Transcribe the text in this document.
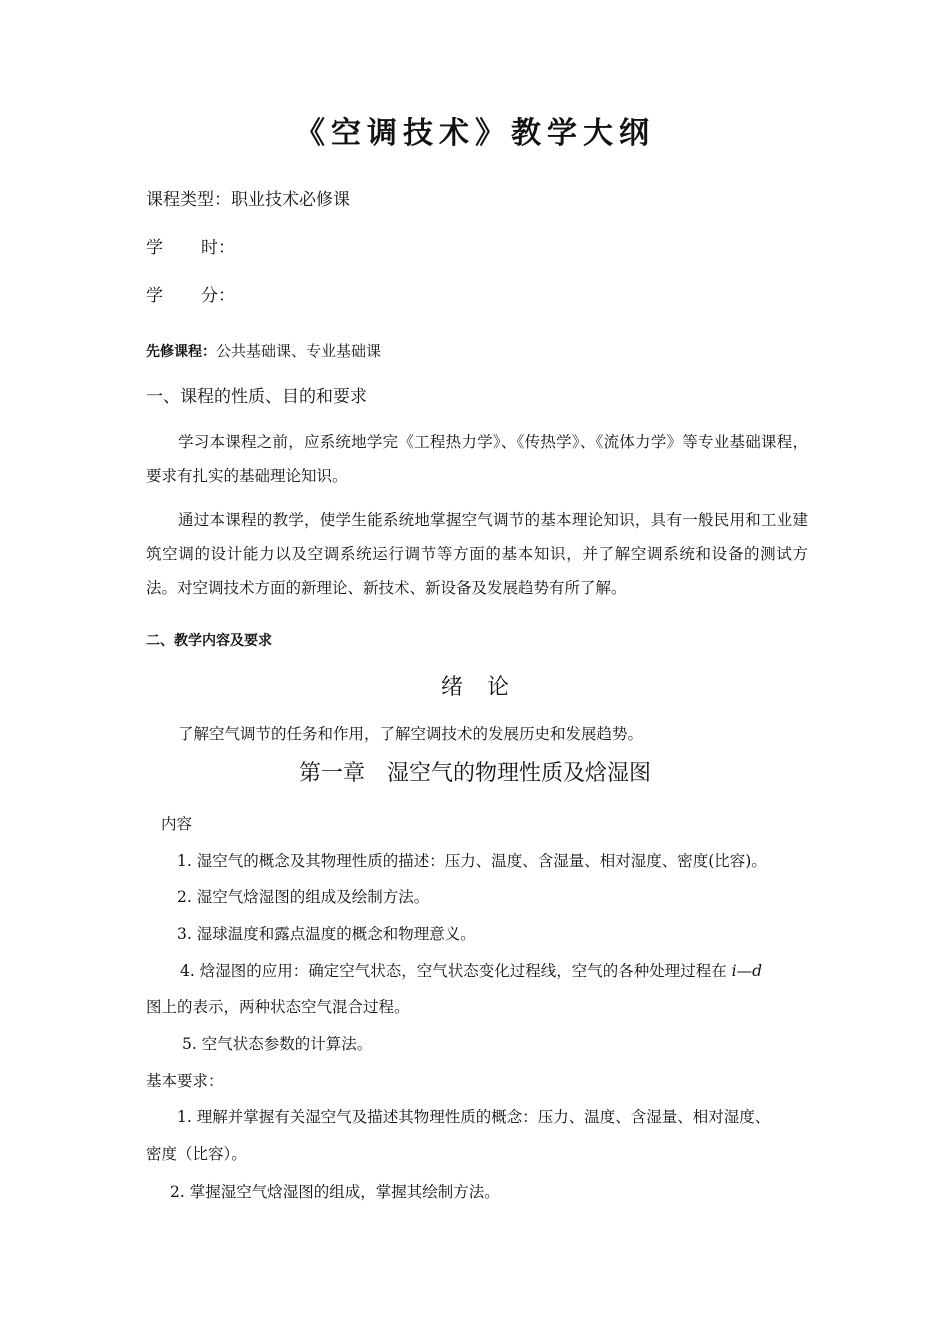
《空调技术》教学大纲
课程类型：职业技术必修课
学 时：
学 分：
先修课程：公共基础课、专业基础课
一、课程的性质、目的和要求
学习本课程之前，应系统地学完《工程热力学》、《传热学》、《流体力学》等专业基础课程，要求有扎实的基础理论知识。
通过本课程的教学，使学生能系统地掌握空气调节的基本理论知识，具有一般民用和工业建筑空调的设计能力以及空调系统运行调节等方面的基本知识，并了解空调系统和设备的测试方法。对空调技术方面的新理论、新技术、新设备及发展趋势有所了解。
二、教学内容及要求
绪论
了解空气调节的任务和作用，了解空调技术的发展历史和发展趋势。
第一章　湿空气的物理性质及焓湿图
内容
1. 湿空气的概念及其物理性质的描述：压力、温度、含湿量、相对湿度、密度(比容)。
2. 湿空气焓湿图的组成及绘制方法。
3. 湿球温度和露点温度的概念和物理意义。
4. 焓湿图的应用：确定空气状态，空气状态变化过程线，空气的各种处理过程在 i—d
图上的表示，两种状态空气混合过程。
5. 空气状态参数的计算法。
基本要求：
1. 理解并掌握有关湿空气及描述其物理性质的概念：压力、温度、含湿量、相对湿度、
密度（比容）。
2. 掌握湿空气焓湿图的组成，掌握其绘制方法。
